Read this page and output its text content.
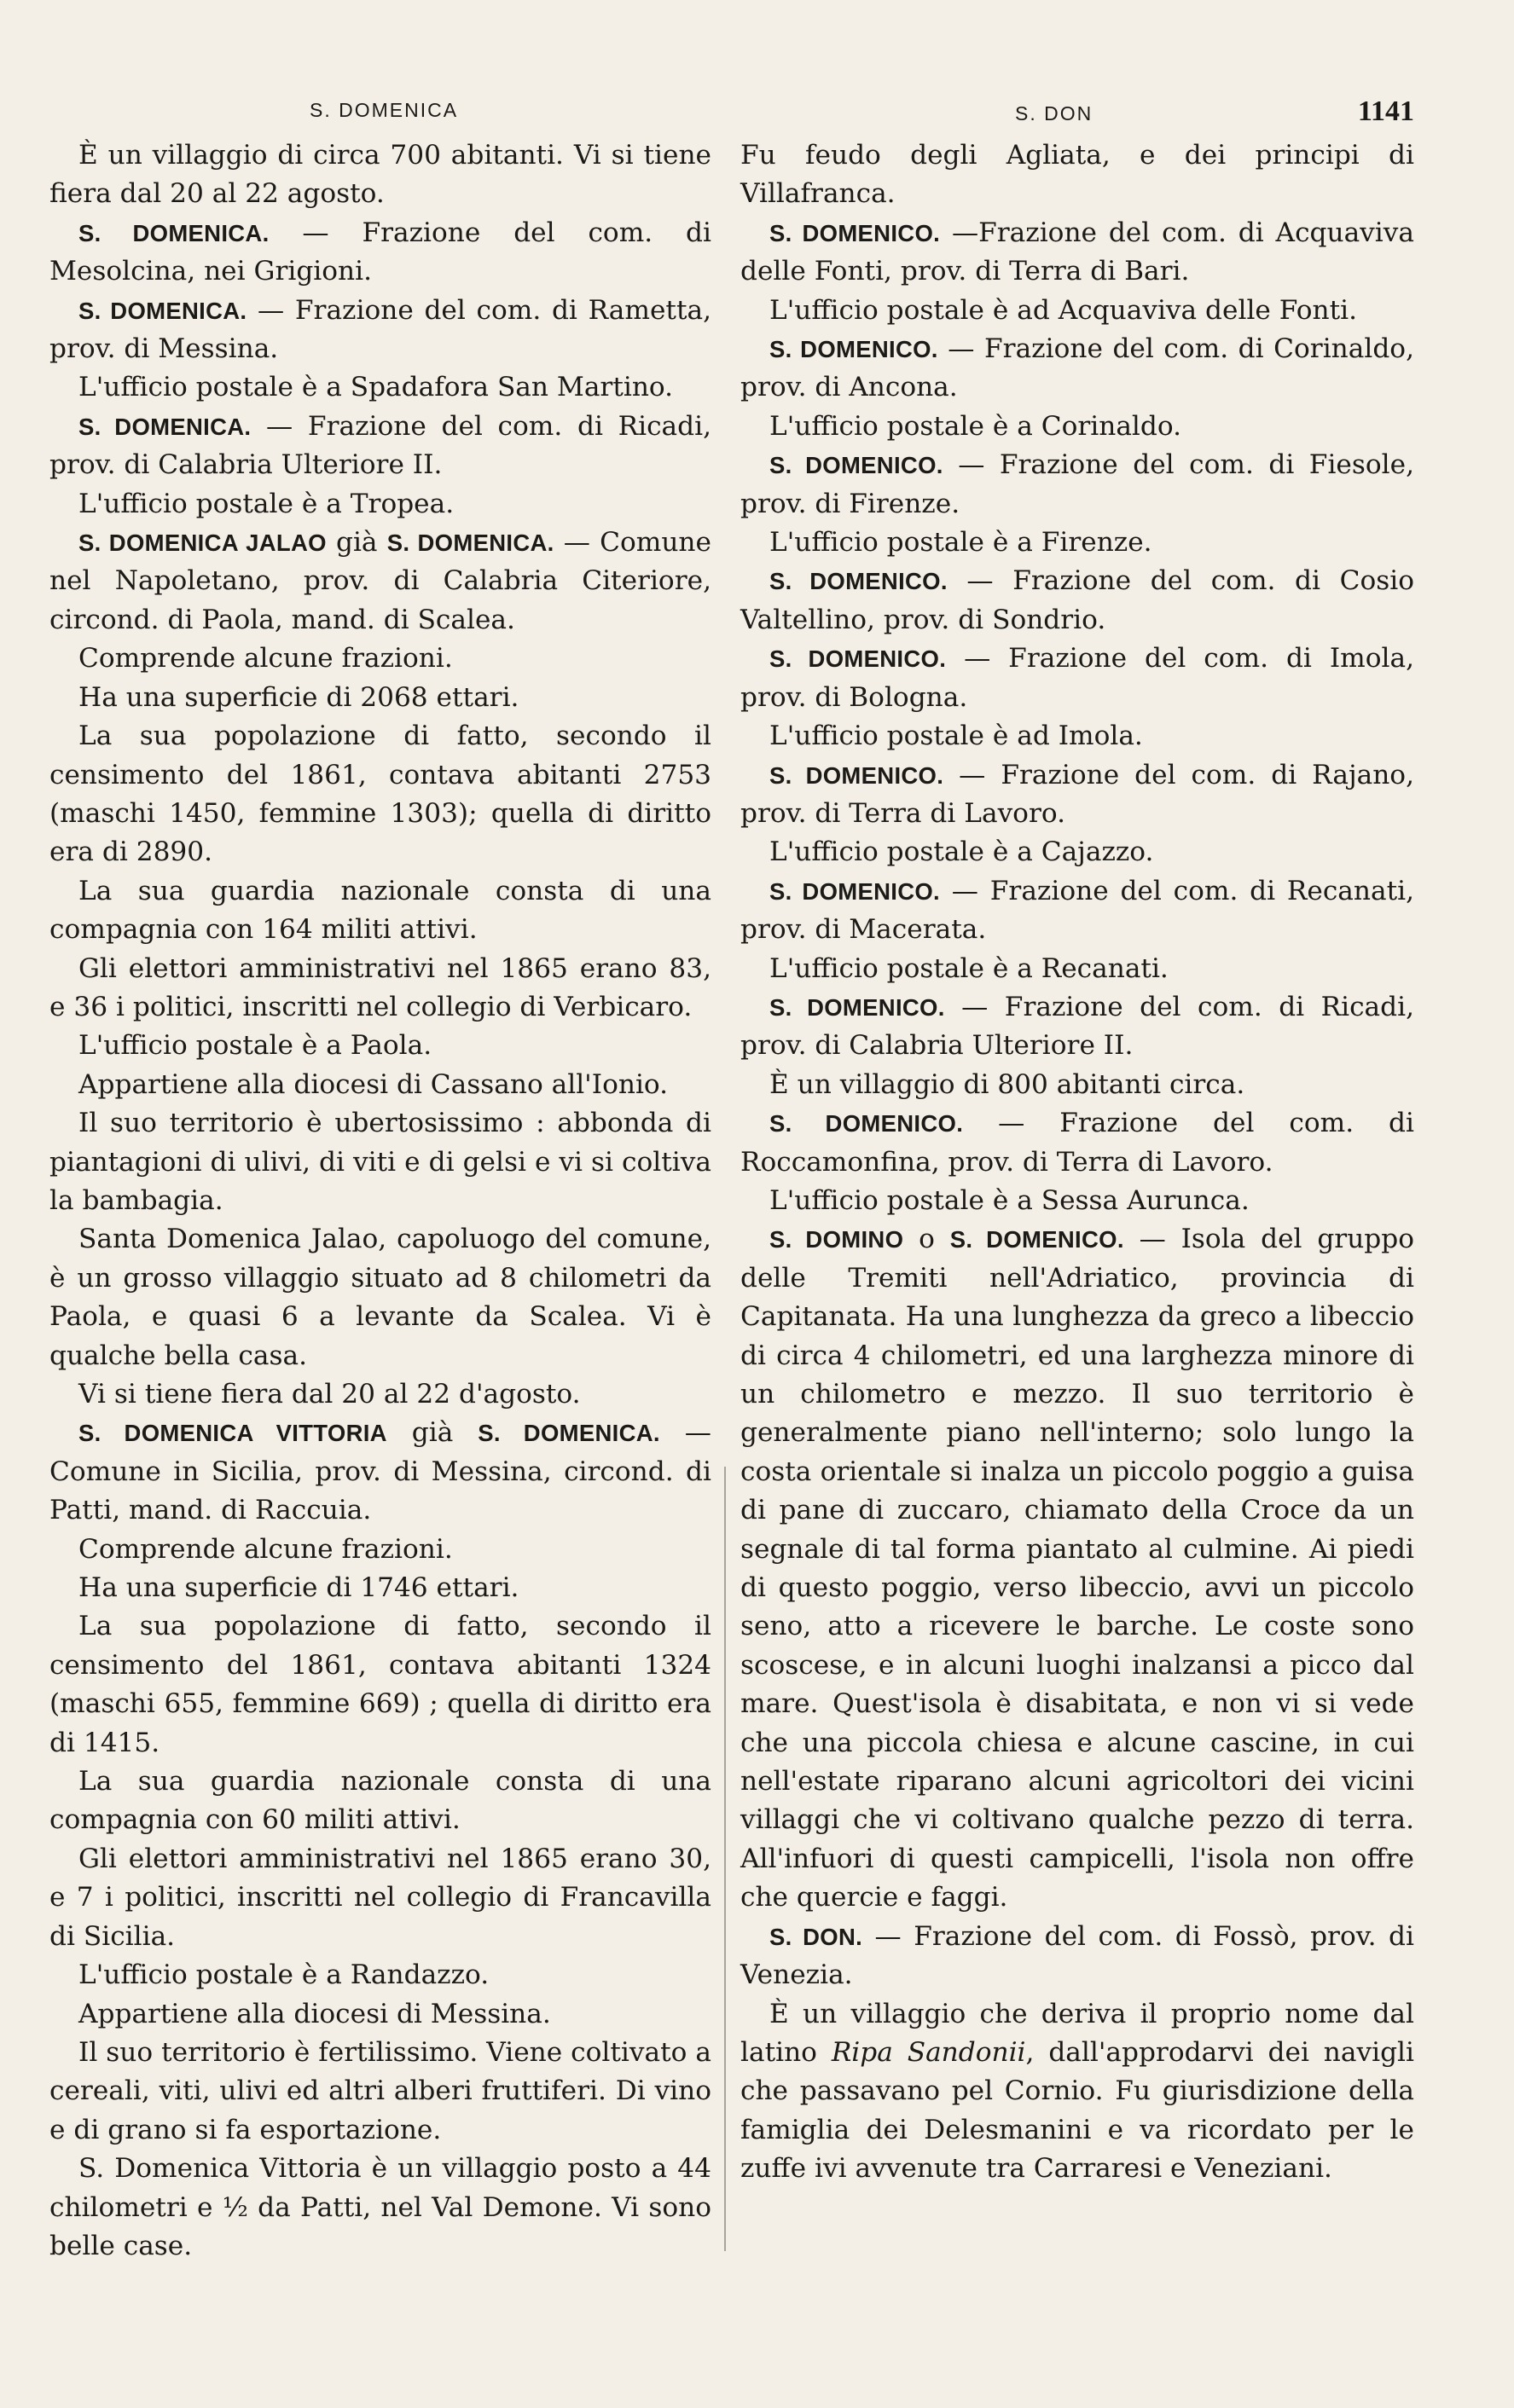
S. DOMENICA	S. DON	1141

È un villaggio di circa 700 abitanti. Vi si tiene fiera dal 20 al 22 agosto.

S. DOMENICA. — Frazione del com. di Mesolcina, nei Grigioni.

S. DOMENICA. — Frazione del com. di Rametta, prov. di Messina.

L'ufficio postale è a Spadafora San Martino.

S. DOMENICA. — Frazione del com. di Ricadi, prov. di Calabria Ulteriore II.

L'ufficio postale è a Tropea.

S. DOMENICA JALAO già S. DOMENICA. — Comune nel Napoletano, prov. di Calabria Citeriore, circond. di Paola, mand. di Scalea.

Comprende alcune frazioni.

Ha una superficie di 2068 ettari.

La sua popolazione di fatto, secondo il censimento del 1861, contava abitanti 2753 (maschi 1450, femmine 1303); quella di diritto era di 2890.

La sua guardia nazionale consta di una compagnia con 164 militi attivi.

Gli elettori amministrativi nel 1865 erano 83, e 36 i politici, inscritti nel collegio di Verbicaro.

L'ufficio postale è a Paola.

Appartiene alla diocesi di Cassano all'Ionio.

Il suo territorio è ubertosissimo : abbonda di piantagioni di ulivi, di viti e di gelsi e vi si coltiva la bambagia.

Santa Domenica Jalao, capoluogo del comune, è un grosso villaggio situato ad 8 chilometri da Paola, e quasi 6 a levante da Scalea. Vi è qualche bella casa.

Vi si tiene fiera dal 20 al 22 d'agosto.

S. DOMENICA VITTORIA già S. DOMENICA. — Comune in Sicilia, prov. di Messina, circond. di Patti, mand. di Raccuia.

Comprende alcune frazioni.

Ha una superficie di 1746 ettari.

La sua popolazione di fatto, secondo il censimento del 1861, contava abitanti 1324 (maschi 655, femmine 669) ; quella di diritto era di 1415.

La sua guardia nazionale consta di una compagnia con 60 militi attivi.

Gli elettori amministrativi nel 1865 erano 30, e 7 i politici, inscritti nel collegio di Francavilla di Sicilia.

L'ufficio postale è a Randazzo.

Appartiene alla diocesi di Messina.

Il suo territorio è fertilissimo. Viene coltivato a cereali, viti, ulivi ed altri alberi fruttiferi. Di vino e di grano si fa esportazione.

S. Domenica Vittoria è un villaggio posto a 44 chilometri e ½ da Patti, nel Val Demone. Vi sono belle case.

Fu feudo degli Agliata, e dei principi di Villafranca.

S. DOMENICO. —Frazione del com. di Acquaviva delle Fonti, prov. di Terra di Bari.

L'ufficio postale è ad Acquaviva delle Fonti.

S. DOMENICO. — Frazione del com. di Corinaldo, prov. di Ancona.

L'ufficio postale è a Corinaldo.

S. DOMENICO. — Frazione del com. di Fiesole, prov. di Firenze.

L'ufficio postale è a Firenze.

S. DOMENICO. — Frazione del com. di Cosio Valtellino, prov. di Sondrio.

S. DOMENICO. — Frazione del com. di Imola, prov. di Bologna.

L'ufficio postale è ad Imola.

S. DOMENICO. — Frazione del com. di Rajano, prov. di Terra di Lavoro.

L'ufficio postale è a Cajazzo.

S. DOMENICO. — Frazione del com. di Recanati, prov. di Macerata.

L'ufficio postale è a Recanati.

S. DOMENICO. — Frazione del com. di Ricadi, prov. di Calabria Ulteriore II.

È un villaggio di 800 abitanti circa.

S. DOMENICO. — Frazione del com. di Roccamonfina, prov. di Terra di Lavoro.

L'ufficio postale è a Sessa Aurunca.

S. DOMINO o S. DOMENICO. — Isola del gruppo delle Tremiti nell'Adriatico, provincia di Capitanata. Ha una lunghezza da greco a libeccio di circa 4 chilometri, ed una larghezza minore di un chilometro e mezzo. Il suo territorio è generalmente piano nell'interno; solo lungo la costa orientale si inalza un piccolo poggio a guisa di pane di zuccaro, chiamato della Croce da un segnale di tal forma piantato al culmine. Ai piedi di questo poggio, verso libeccio, avvi un piccolo seno, atto a ricevere le barche. Le coste sono scoscese, e in alcuni luoghi inalzansi a picco dal mare. Quest'isola è disabitata, e non vi si vede che una piccola chiesa e alcune cascine, in cui nell'estate riparano alcuni agricoltori dei vicini villaggi che vi coltivano qualche pezzo di terra. All'infuori di questi campicelli, l'isola non offre che quercie e faggi.

S. DON. — Frazione del com. di Fossò, prov. di Venezia.

È un villaggio che deriva il proprio nome dal latino Ripa Sandonii, dall'approdarvi dei navigli che passavano pel Cornio. Fu giurisdizione della famiglia dei Delesmanini e va ricordato per le zuffe ivi avvenute tra Carraresi e Veneziani.
